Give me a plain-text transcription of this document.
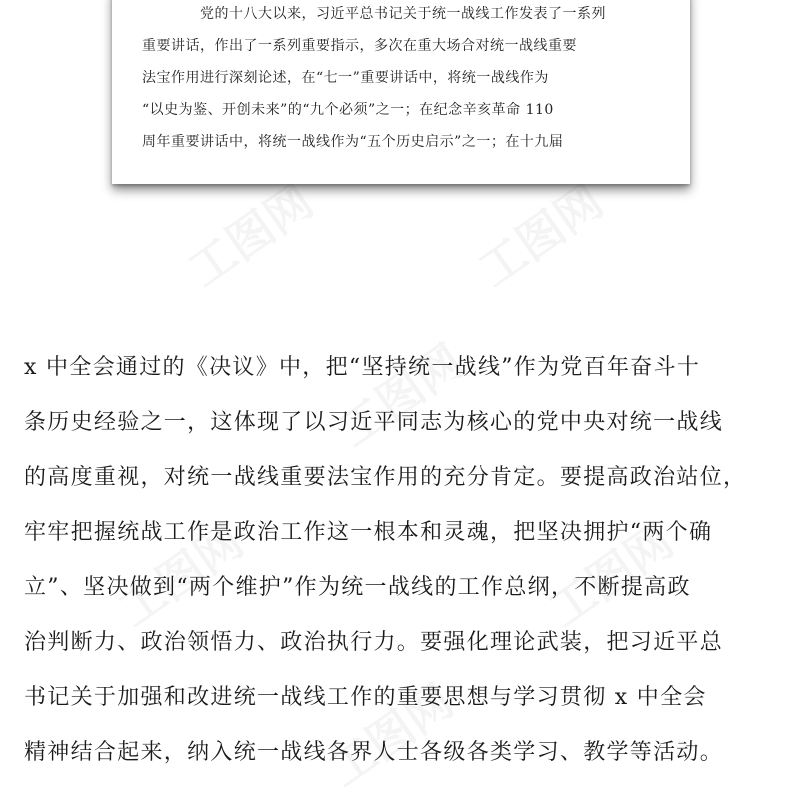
党的十八大以来，习近平总书记关于统一战线工作发表了一系列
重要讲话，作出了一系列重要指示，多次在重大场合对统一战线重要
法宝作用进行深刻论述，在“七一”重要讲话中，将统一战线作为
“以史为鉴、开创未来”的“九个必须”之一；在纪念辛亥革命 110
周年重要讲话中，将统一战线作为“五个历史启示”之一；在十九届
x 中全会通过的《决议》中，把“坚持统一战线”作为党百年奋斗十
条历史经验之一，这体现了以习近平同志为核心的党中央对统一战线
的高度重视，对统一战线重要法宝作用的充分肯定。要提高政治站位，
牢牢把握统战工作是政治工作这一根本和灵魂，把坚决拥护“两个确
立”、坚决做到“两个维护”作为统一战线的工作总纲，不断提高政
治判断力、政治领悟力、政治执行力。要强化理论武装，把习近平总
书记关于加强和改进统一战线工作的重要思想与学习贯彻 x 中全会
精神结合起来，纳入统一战线各界人士各级各类学习、教学等活动。
